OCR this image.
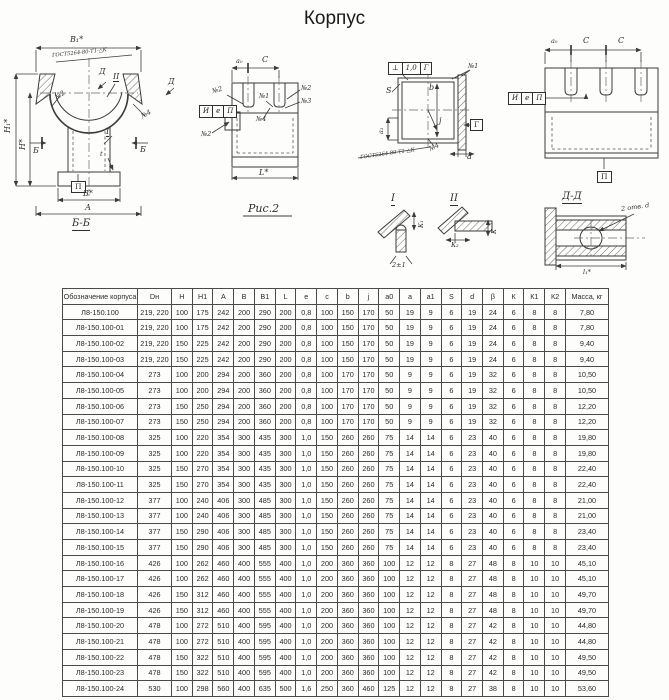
Корпус
В₁*
ГОСТ5264-80-Т1-△К
№2
Д
Д
II
№4
Н₁*
Н*
Б	Б
I
t
П
В*
А
Б-Б
а₀ С
№2
№1
№2
№3
И	е	П
№4
№2
L*
Рис.2
⊥	1,0	Г	№1
S	b
j
а₁
ГОСТ5264-80-Т1-△К
№4
Г
а
I	II	Д-Д
К₁
2±1
К₂
К
2 отв. d
l₁*
а₀	С	С
И	е	П
П
Обозначение корпуса	Dн	Н	Н1	А	В	В1	L	е	с	b	j	а0	а	а1	S	d	β	К	К1	К2	Масса, кг
Л8-150.100	219, 220	100	175	242	200	290	200	0,8	100	150	170	50	19	9	6	19	24	6	8	8	7,80
Л8-150.100-01	219, 220	100	175	242	200	290	200	0,8	100	150	170	50	19	9	6	19	24	6	8	8	7,80
Л8-150.100-02	219, 220	150	225	242	200	290	200	0,8	100	150	170	50	19	9	6	19	24	6	8	8	9,40
Л8-150.100-03	219, 220	150	225	242	200	290	200	0,8	100	150	170	50	19	9	6	19	24	6	8	8	9,40
Л8-150.100-04	273	100	200	294	200	360	200	0,8	100	170	170	50	9	9	6	19	32	6	8	8	10,50
Л8-150.100-05	273	100	200	294	200	360	200	0,8	100	170	170	50	9	9	6	19	32	6	8	8	10,50
Л8-150.100-06	273	150	250	294	200	360	200	0,8	100	170	170	50	9	9	6	19	32	6	8	8	12,20
Л8-150.100-07	273	150	250	294	200	360	200	0,8	100	170	170	50	9	9	6	19	32	6	8	8	12,20
Л8-150.100-08	325	100	220	354	300	435	300	1,0	150	260	260	75	14	14	6	23	40	6	8	8	19,80
Л8-150.100-09	325	100	220	354	300	435	300	1,0	150	260	260	75	14	14	6	23	40	6	8	8	19,80
Л8-150.100-10	325	150	270	354	300	435	300	1,0	150	260	260	75	14	14	6	23	40	6	8	8	22,40
Л8-150.100-11	325	150	270	354	300	435	300	1,0	150	260	260	75	14	14	6	23	40	6	8	8	22,40
Л8-150.100-12	377	100	240	406	300	485	300	1,0	150	260	260	75	14	14	6	23	40	6	8	8	21,00
Л8-150.100-13	377	100	240	406	300	485	300	1,0	150	260	260	75	14	14	6	23	40	6	8	8	21,00
Л8-150.100-14	377	150	290	406	300	485	300	1,0	150	260	260	75	14	14	6	23	40	6	8	8	23,40
Л8-150.100-15	377	150	290	406	300	485	300	1,0	150	260	260	75	14	14	6	23	40	6	8	8	23,40
Л8-150.100-16	426	100	262	460	400	555	400	1,0	200	360	360	100	12	12	8	27	48	8	10	10	45,10
Л8-150.100-17	426	100	262	460	400	555	400	1,0	200	360	360	100	12	12	8	27	48	8	10	10	45,10
Л8-150.100-18	426	150	312	460	400	555	400	1,0	200	360	360	100	12	12	8	27	48	8	10	10	49,70
Л8-150.100-19	426	150	312	460	400	555	400	1,0	200	360	360	100	12	12	8	27	48	8	10	10	49,70
Л8-150.100-20	478	100	272	510	400	595	400	1,0	200	360	360	100	12	12	8	27	42	8	10	10	44,80
Л8-150.100-21	478	100	272	510	400	595	400	1,0	200	360	360	100	12	12	8	27	42	8	10	10	44,80
Л8-150.100-22	478	150	322	510	400	595	400	1,0	200	360	360	100	12	12	8	27	42	8	10	10	49,50
Л8-150.100-23	478	150	322	510	400	595	400	1,0	200	360	360	100	12	12	8	27	42	8	10	10	49,50
Л8-150.100-24	530	100	298	560	400	635	500	1,6	250	360	460	125	12	12	8	27	38	8	10	10	53,60
